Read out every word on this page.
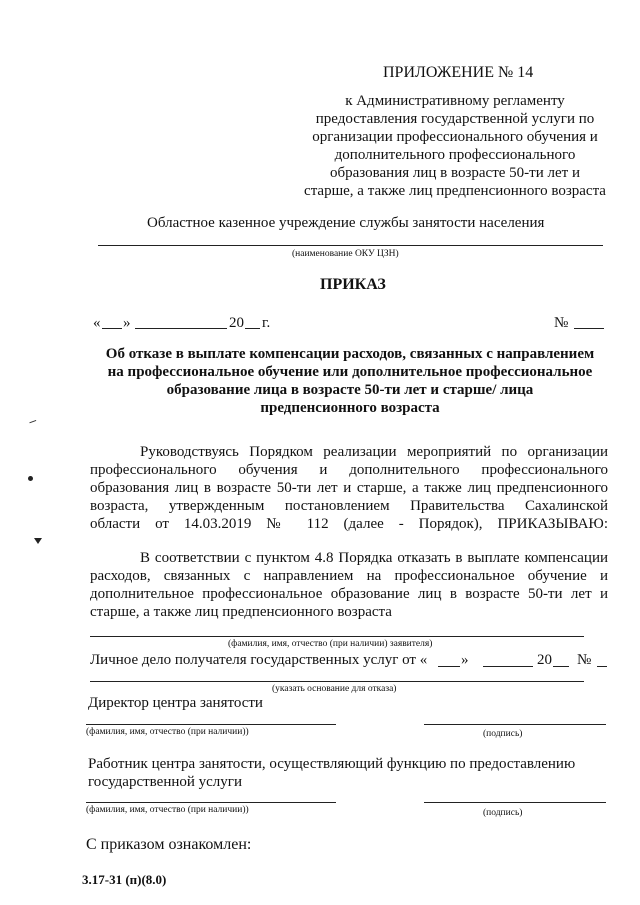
ПРИЛОЖЕНИЕ № 14
к Административному регламенту
предоставления государственной услуги по
организации профессионального обучения и
дополнительного профессионального
образования лиц в возрасте 50-ти лет и
старше, а также лиц предпенсионного возраста
Областное казенное учреждение службы занятости населения
(наименование ОКУ ЦЗН)
ПРИКАЗ
« »	20 г.	№
Об отказе в выплате компенсации расходов, связанных с направлением
на профессиональное обучение или дополнительное профессиональное
образование лица в возрасте 50-ти лет и старше/ лица
предпенсионного возраста
Руководствуясь Порядком реализации мероприятий по организации
профессионального обучения и дополнительного профессионального
образования лиц в возрасте 50-ти лет и старше, а также лиц предпенсионного
возраста, утвержденным постановлением Правительства Сахалинской
области от 14.03.2019 № 112 (далее - Порядок), ПРИКАЗЫВАЮ:
В соответствии с пунктом 4.8 Порядка отказать в выплате компенсации
расходов, связанных с направлением на профессиональное обучение и
дополнительное профессиональное образование лиц в возрасте 50-ти лет и
старше, а также лиц предпенсионного возраста
(фамилия, имя, отчество (при наличии) заявителя)
Личное дело получателя государственных услуг от « »	20 №
(указать основание для отказа)
Директор центра занятости
(фамилия, имя, отчество (при наличии))	(подпись)
Работник центра занятости, осуществляющий функцию по предоставлению
государственной услуги
(фамилия, имя, отчество (при наличии))	(подпись)
С приказом ознакомлен:
3.17-31 (п)(8.0)
